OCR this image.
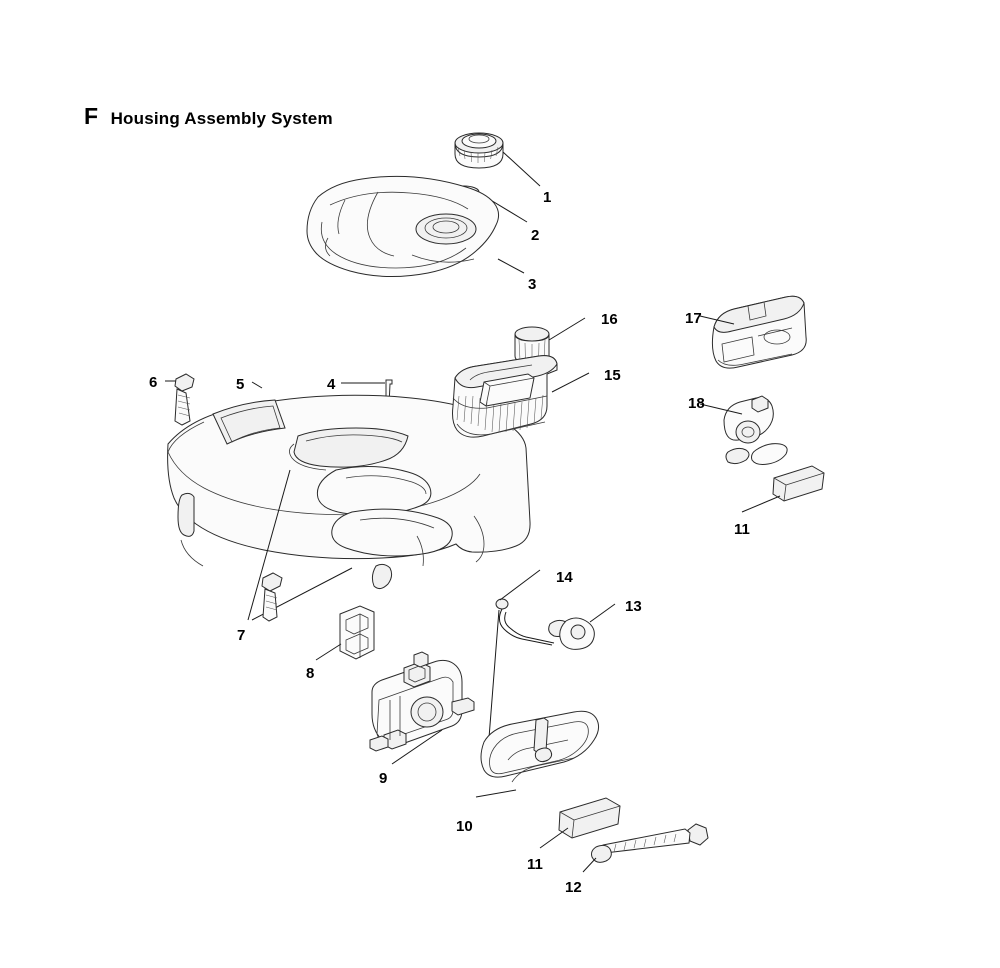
F Housing Assembly System
1
2
3
4
5
6
7
8
9
10
11
12
13
14
15
16	17
18
11
